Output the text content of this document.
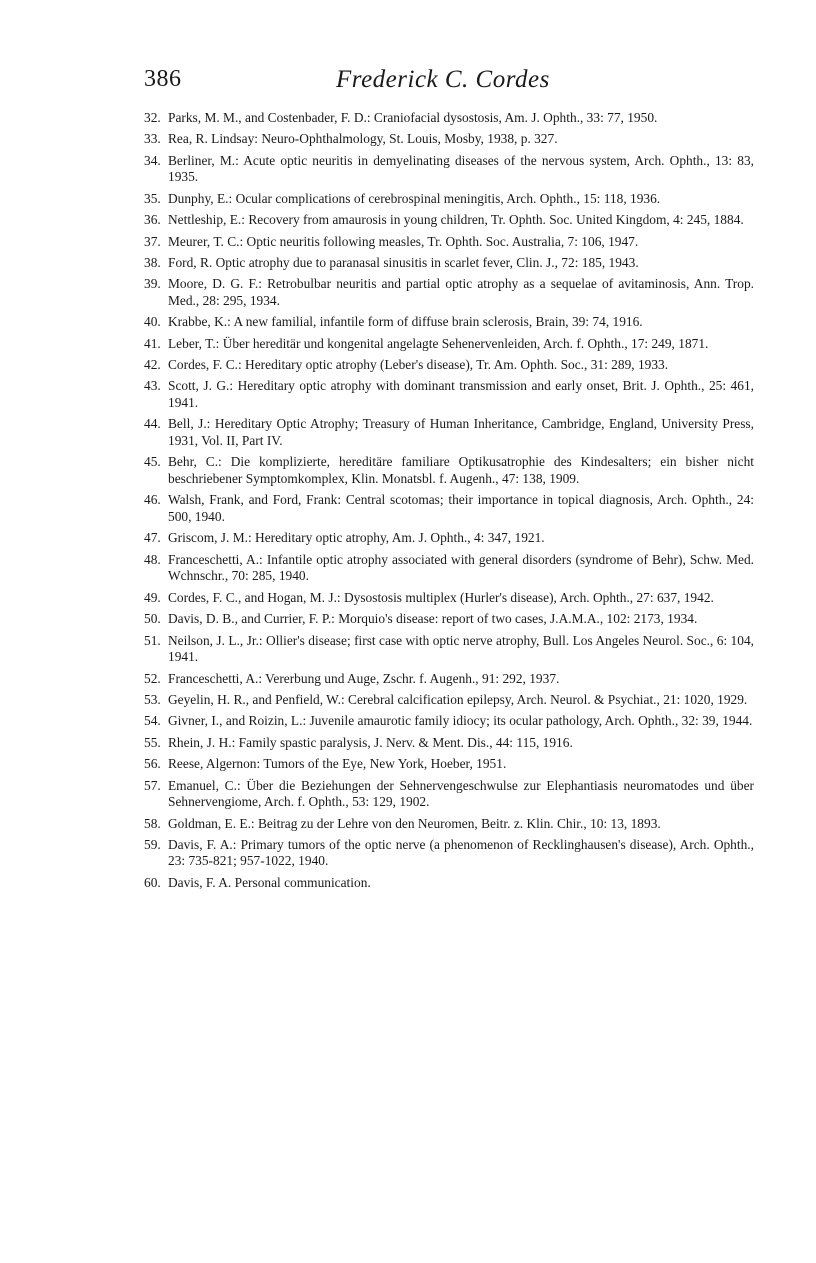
386	Frederick C. Cordes
32. Parks, M. M., and Costenbader, F. D.: Craniofacial dysostosis, Am. J. Ophth., 33: 77, 1950.
33. Rea, R. Lindsay: Neuro-Ophthalmology, St. Louis, Mosby, 1938, p. 327.
34. Berliner, M.: Acute optic neuritis in demyelinating diseases of the nervous system, Arch. Ophth., 13: 83, 1935.
35. Dunphy, E.: Ocular complications of cerebrospinal meningitis, Arch. Ophth., 15: 118, 1936.
36. Nettleship, E.: Recovery from amaurosis in young children, Tr. Ophth. Soc. United Kingdom, 4: 245, 1884.
37. Meurer, T. C.: Optic neuritis following measles, Tr. Ophth. Soc. Australia, 7: 106, 1947.
38. Ford, R. Optic atrophy due to paranasal sinusitis in scarlet fever, Clin. J., 72: 185, 1943.
39. Moore, D. G. F.: Retrobulbar neuritis and partial optic atrophy as a sequelae of avitaminosis, Ann. Trop. Med., 28: 295, 1934.
40. Krabbe, K.: A new familial, infantile form of diffuse brain sclerosis, Brain, 39: 74, 1916.
41. Leber, T.: Über hereditär und kongenital angelagte Sehenervenleiden, Arch. f. Ophth., 17: 249, 1871.
42. Cordes, F. C.: Hereditary optic atrophy (Leber's disease), Tr. Am. Ophth. Soc., 31: 289, 1933.
43. Scott, J. G.: Hereditary optic atrophy with dominant transmission and early onset, Brit. J. Ophth., 25: 461, 1941.
44. Bell, J.: Hereditary Optic Atrophy; Treasury of Human Inheritance, Cambridge, England, University Press, 1931, Vol. II, Part IV.
45. Behr, C.: Die komplizierte, hereditäre familiare Optikusatrophie des Kindesalters; ein bisher nicht beschriebener Symptomkomplex, Klin. Monatsbl. f. Augenh., 47: 138, 1909.
46. Walsh, Frank, and Ford, Frank: Central scotomas; their importance in topical diagnosis, Arch. Ophth., 24: 500, 1940.
47. Griscom, J. M.: Hereditary optic atrophy, Am. J. Ophth., 4: 347, 1921.
48. Franceschetti, A.: Infantile optic atrophy associated with general disorders (syndrome of Behr), Schw. Med. Wchnschr., 70: 285, 1940.
49. Cordes, F. C., and Hogan, M. J.: Dysostosis multiplex (Hurler's disease), Arch. Ophth., 27: 637, 1942.
50. Davis, D. B., and Currier, F. P.: Morquio's disease: report of two cases, J.A.M.A., 102: 2173, 1934.
51. Neilson, J. L., Jr.: Ollier's disease; first case with optic nerve atrophy, Bull. Los Angeles Neurol. Soc., 6: 104, 1941.
52. Franceschetti, A.: Vererbung und Auge, Zschr. f. Augenh., 91: 292, 1937.
53. Geyelin, H. R., and Penfield, W.: Cerebral calcification epilepsy, Arch. Neurol. & Psychiat., 21: 1020, 1929.
54. Givner, I., and Roizin, L.: Juvenile amaurotic family idiocy; its ocular pathology, Arch. Ophth., 32: 39, 1944.
55. Rhein, J. H.: Family spastic paralysis, J. Nerv. & Ment. Dis., 44: 115, 1916.
56. Reese, Algernon: Tumors of the Eye, New York, Hoeber, 1951.
57. Emanuel, C.: Über die Beziehungen der Sehnervengeschwulse zur Elephantiasis neuromatodes und über Sehnervengiome, Arch. f. Ophth., 53: 129, 1902.
58. Goldman, E. E.: Beitrag zu der Lehre von den Neuromen, Beitr. z. Klin. Chir., 10: 13, 1893.
59. Davis, F. A.: Primary tumors of the optic nerve (a phenomenon of Recklinghausen's disease), Arch. Ophth., 23: 735-821; 957-1022, 1940.
60. Davis, F. A. Personal communication.
